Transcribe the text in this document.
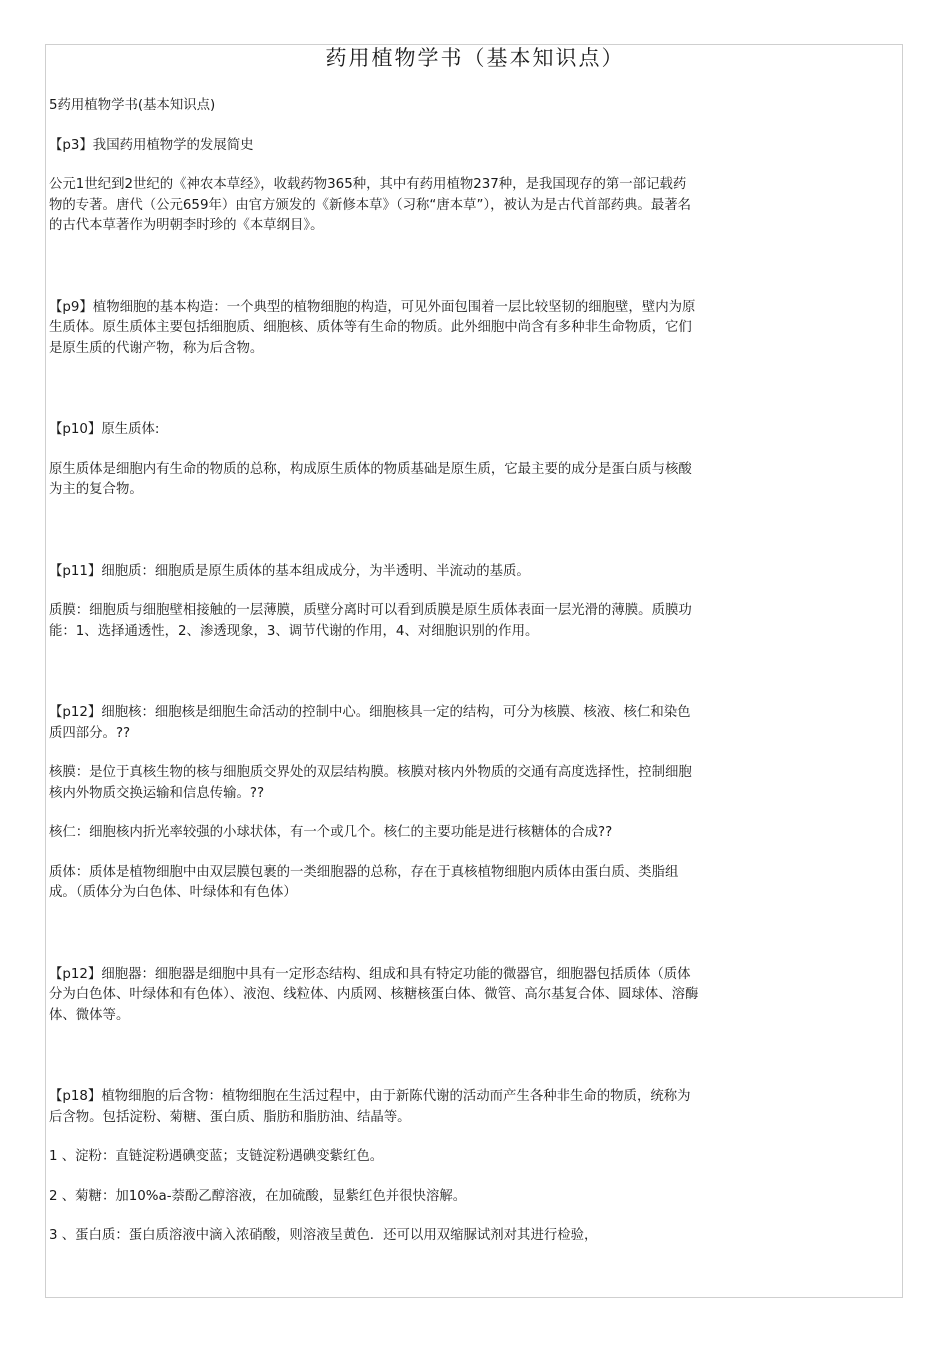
药用植物学书（基本知识点）

5药用植物学书(基本知识点)

【p3】我国药用植物学的发展简史

公元1世纪到2世纪的《神农本草经》，收载药物365种，其中有药用植物237种，是我国现存的第一部记载药物的专著。唐代（公元659年）由官方颁发的《新修本草》（习称“唐本草”），被认为是古代首部药典。最著名的古代本草著作为明朝李时珍的《本草纲目》。

【p9】植物细胞的基本构造：一个典型的植物细胞的构造，可见外面包围着一层比较坚韧的细胞壁，壁内为原生质体。原生质体主要包括细胞质、细胞核、质体等有生命的物质。此外细胞中尚含有多种非生命物质，它们是原生质的代谢产物，称为后含物。

【p10】原生质体:

原生质体是细胞内有生命的物质的总称，构成原生质体的物质基础是原生质，它最主要的成分是蛋白质与核酸为主的复合物。

【p11】细胞质：细胞质是原生质体的基本组成成分，为半透明、半流动的基质。

质膜：细胞质与细胞壁相接触的一层薄膜，质壁分离时可以看到质膜是原生质体表面一层光滑的薄膜。质膜功能：1、选择通透性，2、渗透现象，3、调节代谢的作用，4、对细胞识别的作用。

【p12】细胞核：细胞核是细胞生命活动的控制中心。细胞核具一定的结构，可分为核膜、核液、核仁和染色质四部分。??

核膜：是位于真核生物的核与细胞质交界处的双层结构膜。核膜对核内外物质的交通有高度选择性，控制细胞核内外物质交换运输和信息传输。??

核仁：细胞核内折光率较强的小球状体，有一个或几个。核仁的主要功能是进行核糖体的合成??

质体：质体是植物细胞中由双层膜包裹的一类细胞器的总称，存在于真核植物细胞内质体由蛋白质、类脂组成。（质体分为白色体、叶绿体和有色体）

【p12】细胞器：细胞器是细胞中具有一定形态结构、组成和具有特定功能的微器官，细胞器包括质体（质体分为白色体、叶绿体和有色体）、液泡、线粒体、内质网、核糖核蛋白体、微管、高尔基复合体、圆球体、溶酶体、微体等。

【p18】植物细胞的后含物：植物细胞在生活过程中，由于新陈代谢的活动而产生各种非生命的物质，统称为后含物。包括淀粉、菊糖、蛋白质、脂肪和脂肪油、结晶等。

1 、淀粉：直链淀粉遇碘变蓝；支链淀粉遇碘变紫红色。

2 、菊糖：加10%a-萘酚乙醇溶液，在加硫酸，显紫红色并很快溶解。

3 、蛋白质：蛋白质溶液中滴入浓硝酸，则溶液呈黄色．还可以用双缩脲试剂对其进行检验，
